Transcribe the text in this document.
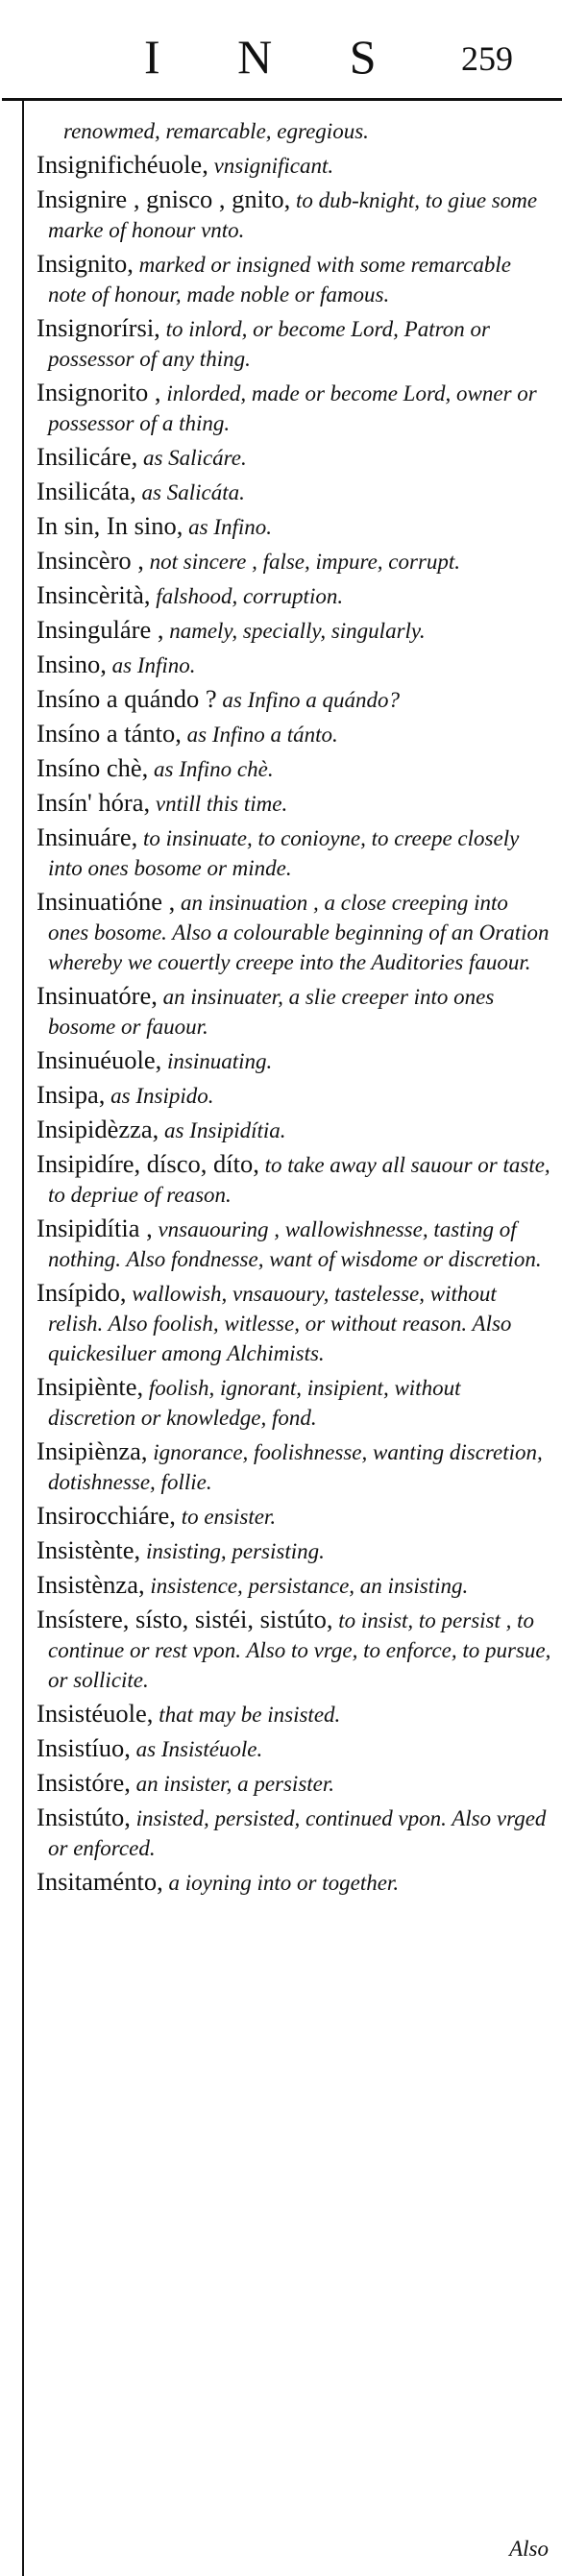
I N S 259
renowmed, remarcable, egregious.
Insignifichéuole, vnsignificant.
Insignire , gnisco , gnito, to dub-knight, to giue some marke of honour vnto.
Insignito, marked or insigned with some remarcable note of honour, made noble or famous.
Insignorírsi, to inlord, or become Lord, Patron or possessor of any thing.
Insignorito , inlorded, made or become Lord, owner or possessor of a thing.
Insilicáre, as Salicáre.
Insilicáta, as Salicáta.
In sin, In sino, as Infino.
Insincèro , not sincere , false, impure, corrupt.
Insincèrità, falshood, corruption.
Insinguláre , namely, specially, singularly.
Insino, as Infino.
Insíno a quándo ? as Infino a quándo?
Insíno a tánto, as Infino a tánto.
Insíno chè, as Infino chè.
Insín' hóra, vntill this time.
Insinuáre, to insinuate, to conioyne, to creepe closely into ones bosome or minde.
Insinuatióne , an insinuation , a close creeping into ones bosome. Also a colourable beginning of an Oration whereby we couertly creepe into the Auditories fauour.
Insinuatóre, an insinuater, a slie creeper into ones bosome or fauour.
Insinuéuole, insinuating.
Insipa, as Insipido.
Insipidèzza, as Insipidítia.
Insipidíre, dísco, díto, to take away all sauour or taste, to depriue of reason.
Insipidítia , vnsauouring , wallowishnesse, tasting of nothing. Also fondnesse, want of wisdome or discretion.
Insípido, wallowish, vnsauoury, tastelesse, without relish. Also foolish, witlesse, or without reason. Also quickesiluer among Alchimists.
Insipiènte, foolish, ignorant, insipient, without discretion or knowledge, fond.
Insipiènza, ignorance, foolishnesse, wanting discretion, dotishnesse, follie.
Insirocchiáre, to ensister.
Insistènte, insisting, persisting.
Insistènza, insistence, persistance, an insisting.
Insístere, sísto, sistéi, sistúto, to insist, to persist , to continue or rest vpon. Also to vrge, to enforce, to pursue, or sollicite.
Insistéuole, that may be insisted.
Insistíuo, as Insistéuole.
Insistóre, an insister, a persister.
Insistúto, insisted, persisted, continued vpon. Also vrged or enforced.
Insitaménto, a ioyning into or together.
Also
